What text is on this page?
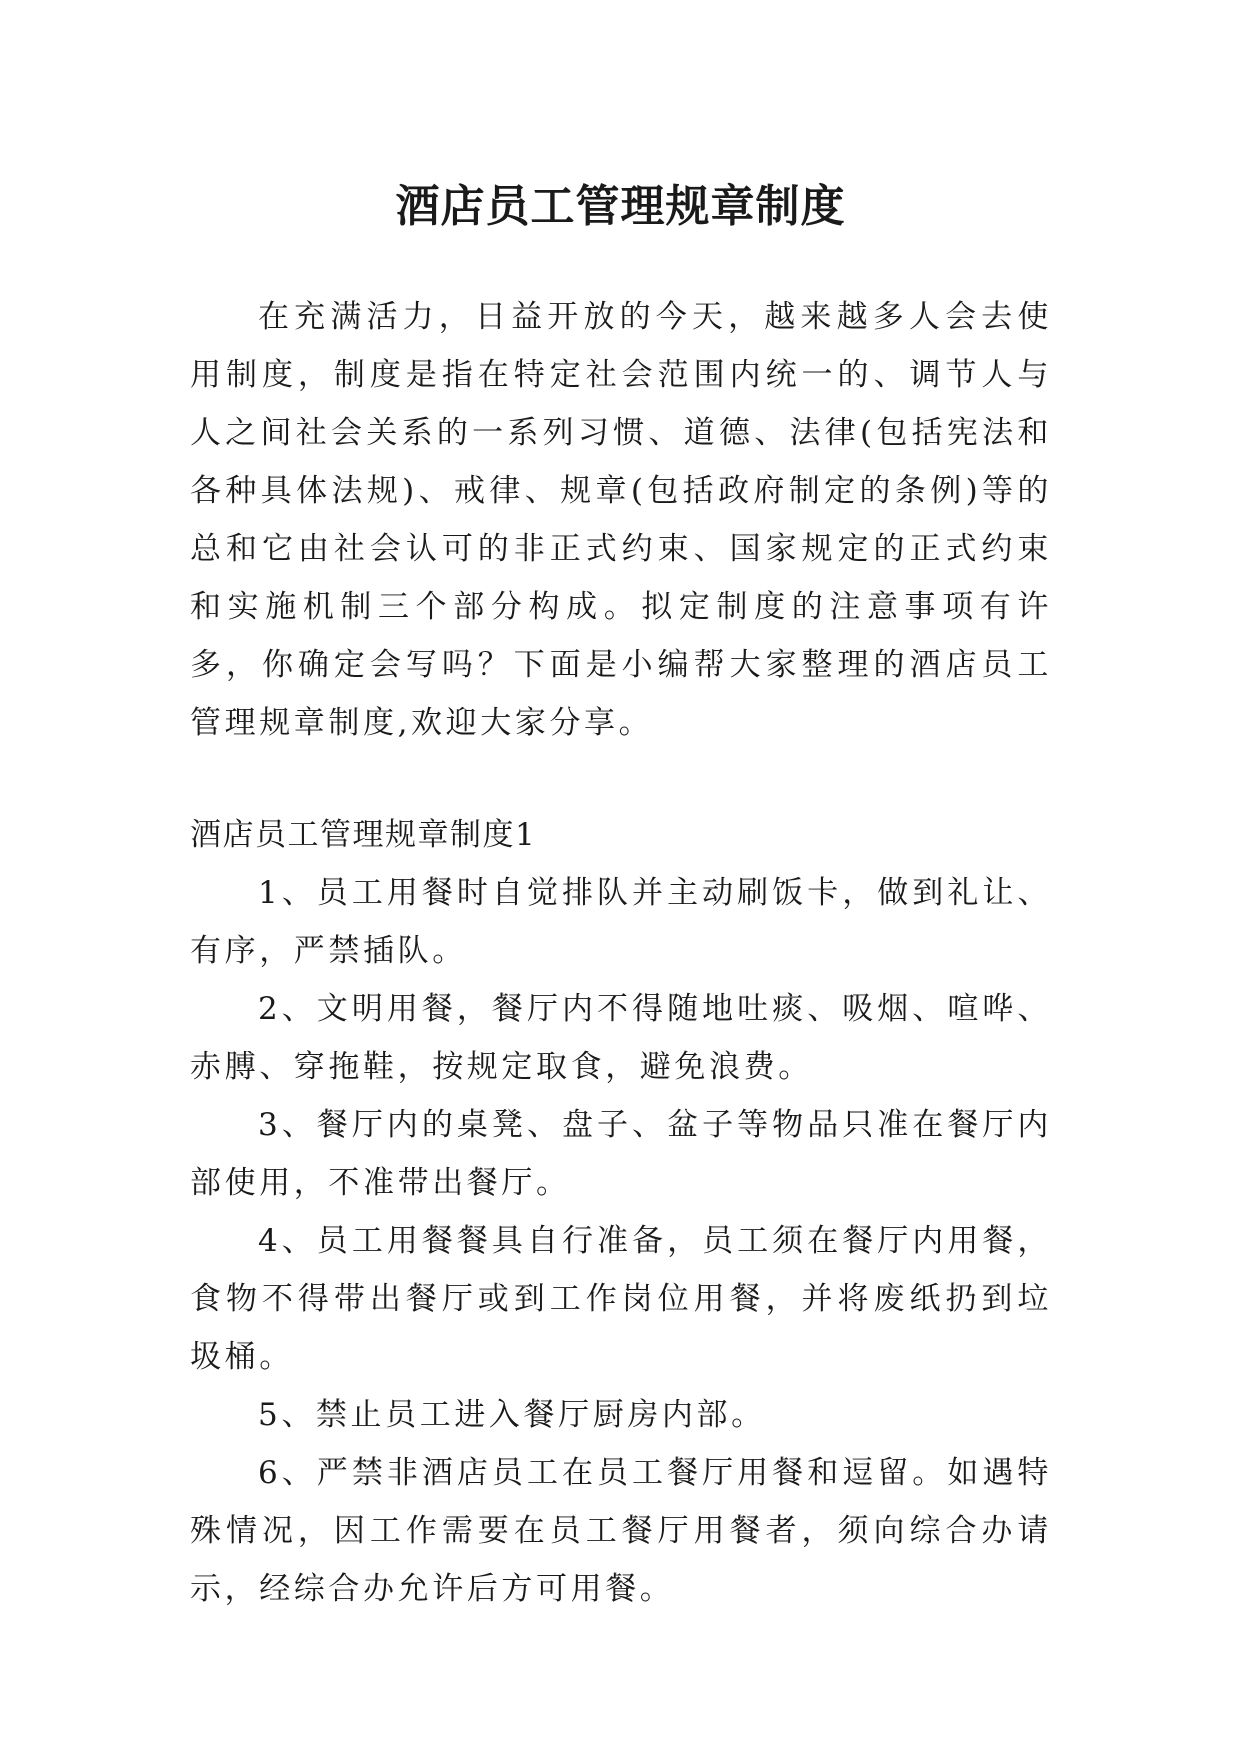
酒店员工管理规章制度

在充满活力，日益开放的今天，越来越多人会去使用制度，制度是指在特定社会范围内统一的、调节人与人之间社会关系的一系列习惯、道德、法律(包括宪法和各种具体法规)、戒律、规章(包括政府制定的条例)等的总和它由社会认可的非正式约束、国家规定的正式约束和实施机制三个部分构成。拟定制度的注意事项有许多，你确定会写吗？下面是小编帮大家整理的酒店员工管理规章制度,欢迎大家分享。

酒店员工管理规章制度1

1、员工用餐时自觉排队并主动刷饭卡，做到礼让、有序，严禁插队。

2、文明用餐，餐厅内不得随地吐痰、吸烟、喧哗、赤膊、穿拖鞋，按规定取食，避免浪费。

3、餐厅内的桌凳、盘子、盆子等物品只准在餐厅内部使用，不准带出餐厅。

4、员工用餐餐具自行准备，员工须在餐厅内用餐，食物不得带出餐厅或到工作岗位用餐，并将废纸扔到垃圾桶。

5、禁止员工进入餐厅厨房内部。

6、严禁非酒店员工在员工餐厅用餐和逗留。如遇特殊情况，因工作需要在员工餐厅用餐者，须向综合办请示，经综合办允许后方可用餐。
